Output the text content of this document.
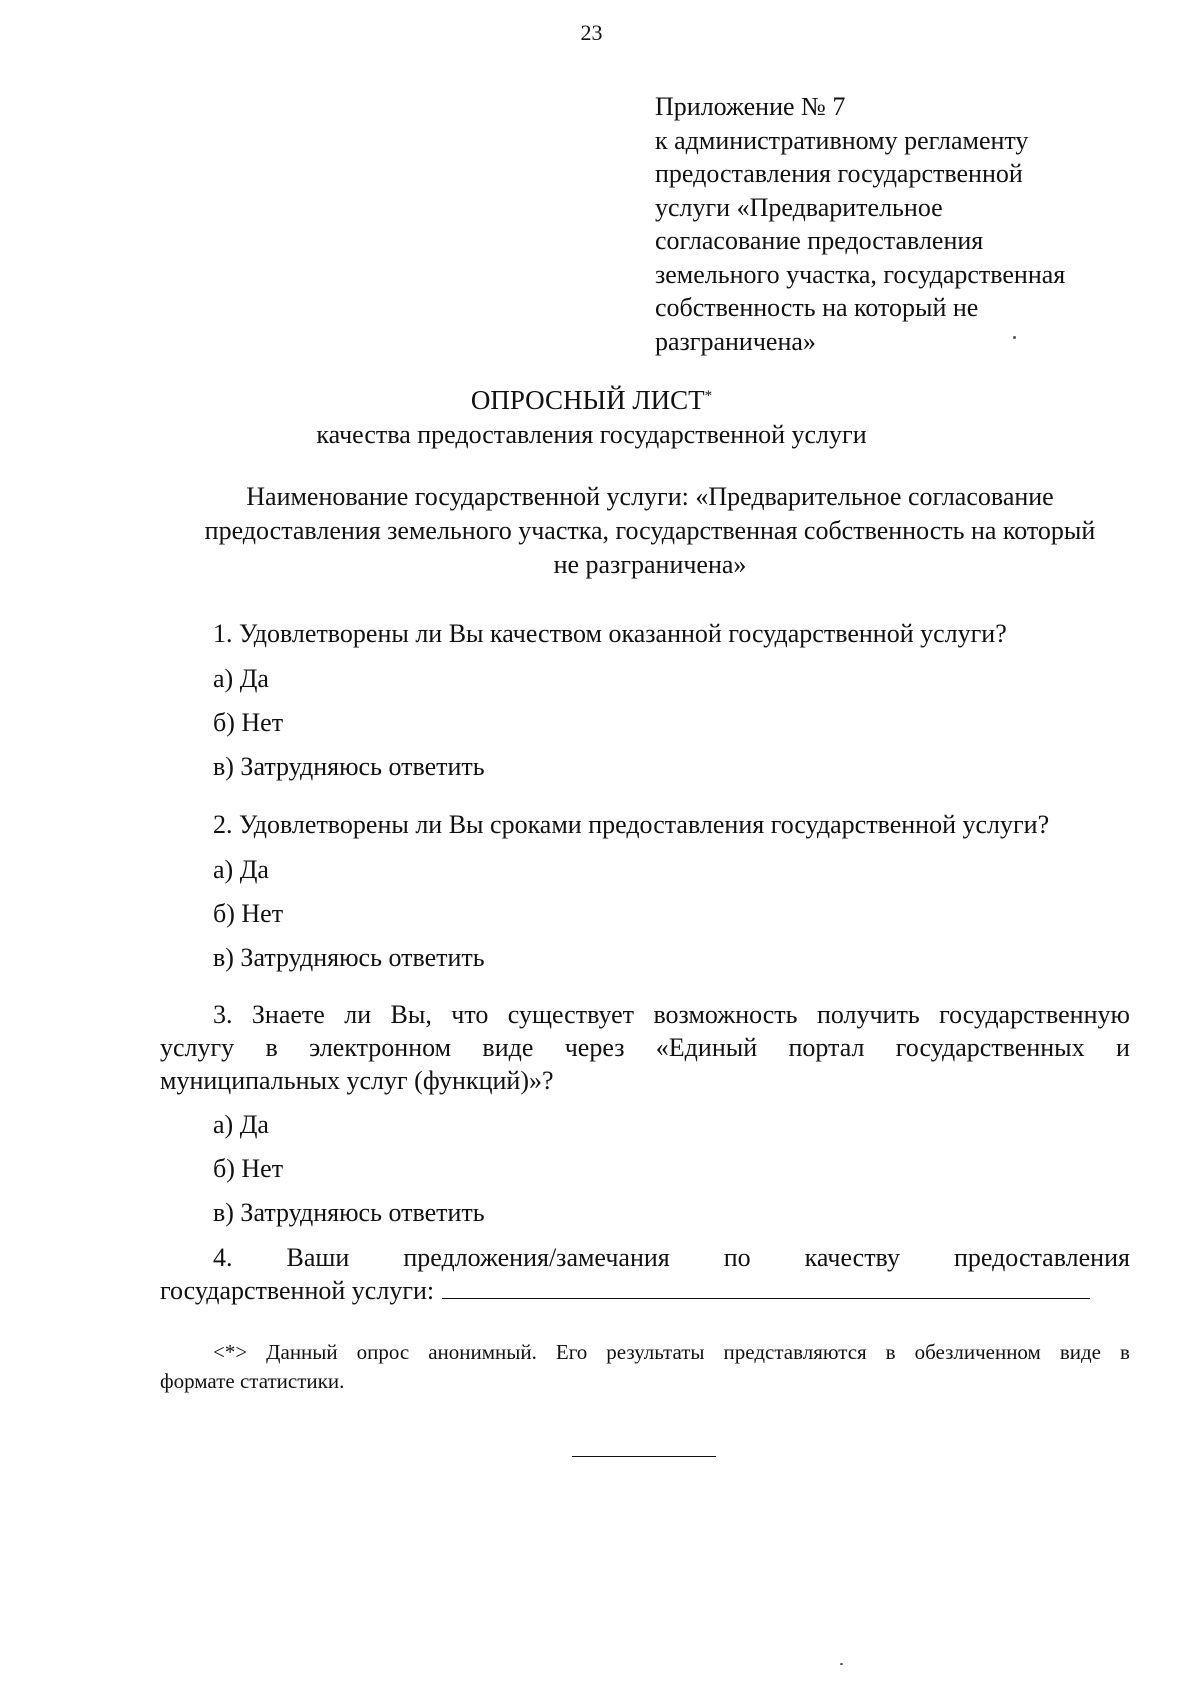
23
Приложение № 7
к административному регламенту
предоставления государственной
услуги «Предварительное
согласование предоставления
земельного участка, государственная
собственность на который не
разграничена»
ОПРОСНЫЙ ЛИСТ*
качества предоставления государственной услуги
Наименование государственной услуги: «Предварительное согласование
предоставления земельного участка, государственная собственность на который
не разграничена»
1. Удовлетворены ли Вы качеством оказанной государственной услуги?
а) Да
б) Нет
в) Затрудняюсь ответить
2. Удовлетворены ли Вы сроками предоставления государственной услуги?
а) Да
б) Нет
в) Затрудняюсь ответить
3. Знаете ли Вы, что существует возможность получить государственную
услугу в электронном виде через «Единый портал государственных и
муниципальных услуг (функций)»?
а) Да
б) Нет
в) Затрудняюсь ответить
4. Ваши предложения/замечания по качеству предоставления
государственной услуги:
<*> Данный опрос анонимный. Его результаты представляются в обезличенном виде в
формате статистики.
